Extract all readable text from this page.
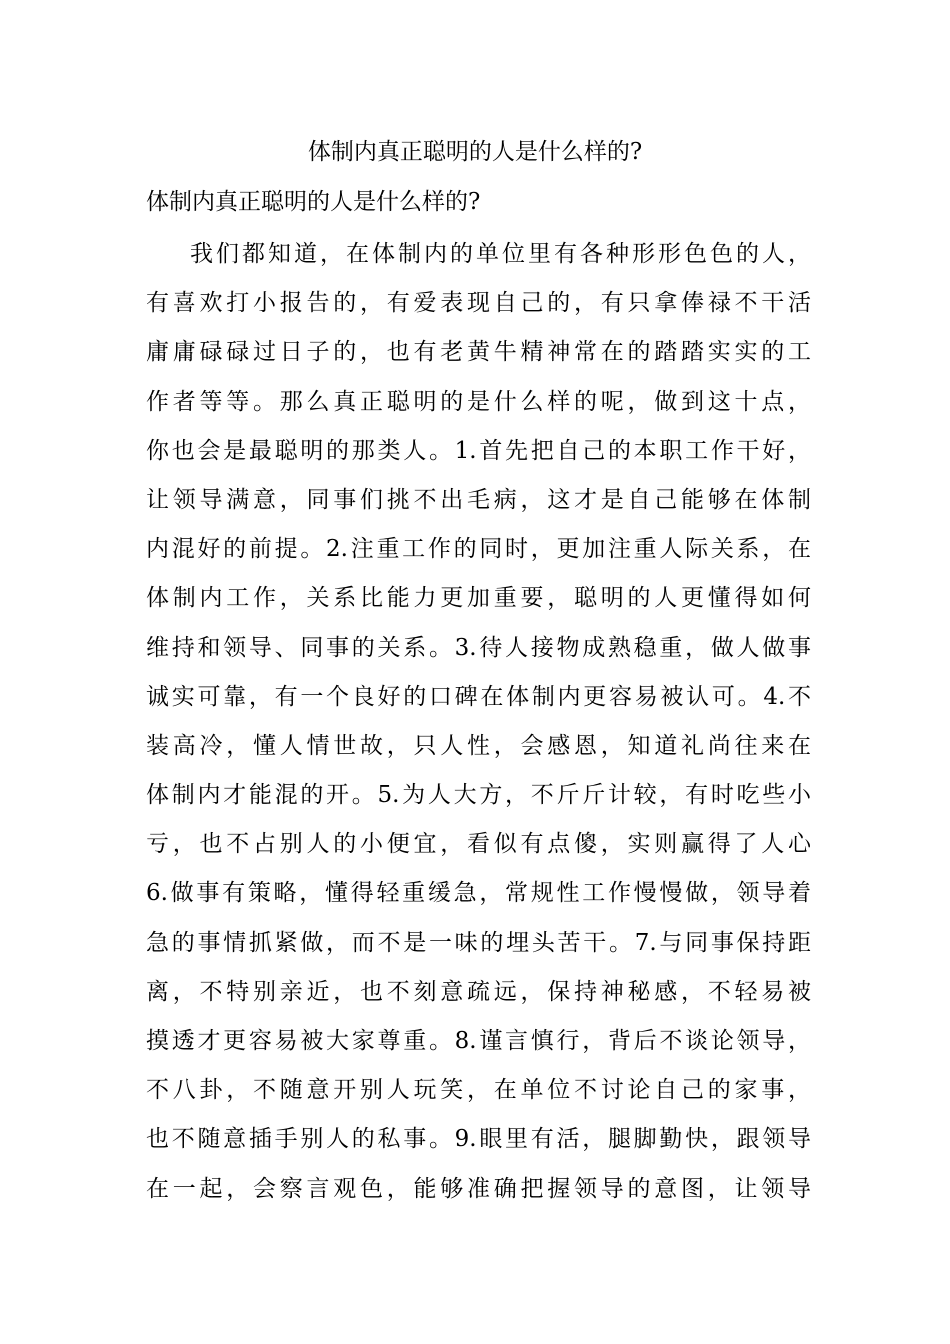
体制内真正聪明的人是什么样的?
体制内真正聪明的人是什么样的?
我们都知道，在体制内的单位里有各种形形色色的人，
有喜欢打小报告的，有爱表现自己的，有只拿俸禄不干活
庸庸碌碌过日子的，也有老黄牛精神常在的踏踏实实的工
作者等等。那么真正聪明的是什么样的呢，做到这十点，
你也会是最聪明的那类人。1.首先把自己的本职工作干好，
让领导满意，同事们挑不出毛病，这才是自己能够在体制
内混好的前提。2.注重工作的同时，更加注重人际关系，在
体制内工作，关系比能力更加重要，聪明的人更懂得如何
维持和领导、同事的关系。3.待人接物成熟稳重，做人做事
诚实可靠，有一个良好的口碑在体制内更容易被认可。4.不
装高冷，懂人情世故，只人性，会感恩，知道礼尚往来在
体制内才能混的开。5.为人大方，不斤斤计较，有时吃些小
亏，也不占别人的小便宜，看似有点傻，实则赢得了人心
6.做事有策略，懂得轻重缓急，常规性工作慢慢做，领导着
急的事情抓紧做，而不是一味的埋头苦干。7.与同事保持距
离，不特别亲近，也不刻意疏远，保持神秘感，不轻易被
摸透才更容易被大家尊重。8.谨言慎行，背后不谈论领导，
不八卦，不随意开别人玩笑，在单位不讨论自己的家事，
也不随意插手别人的私事。9.眼里有活，腿脚勤快，跟领导
在一起，会察言观色，能够准确把握领导的意图，让领导
